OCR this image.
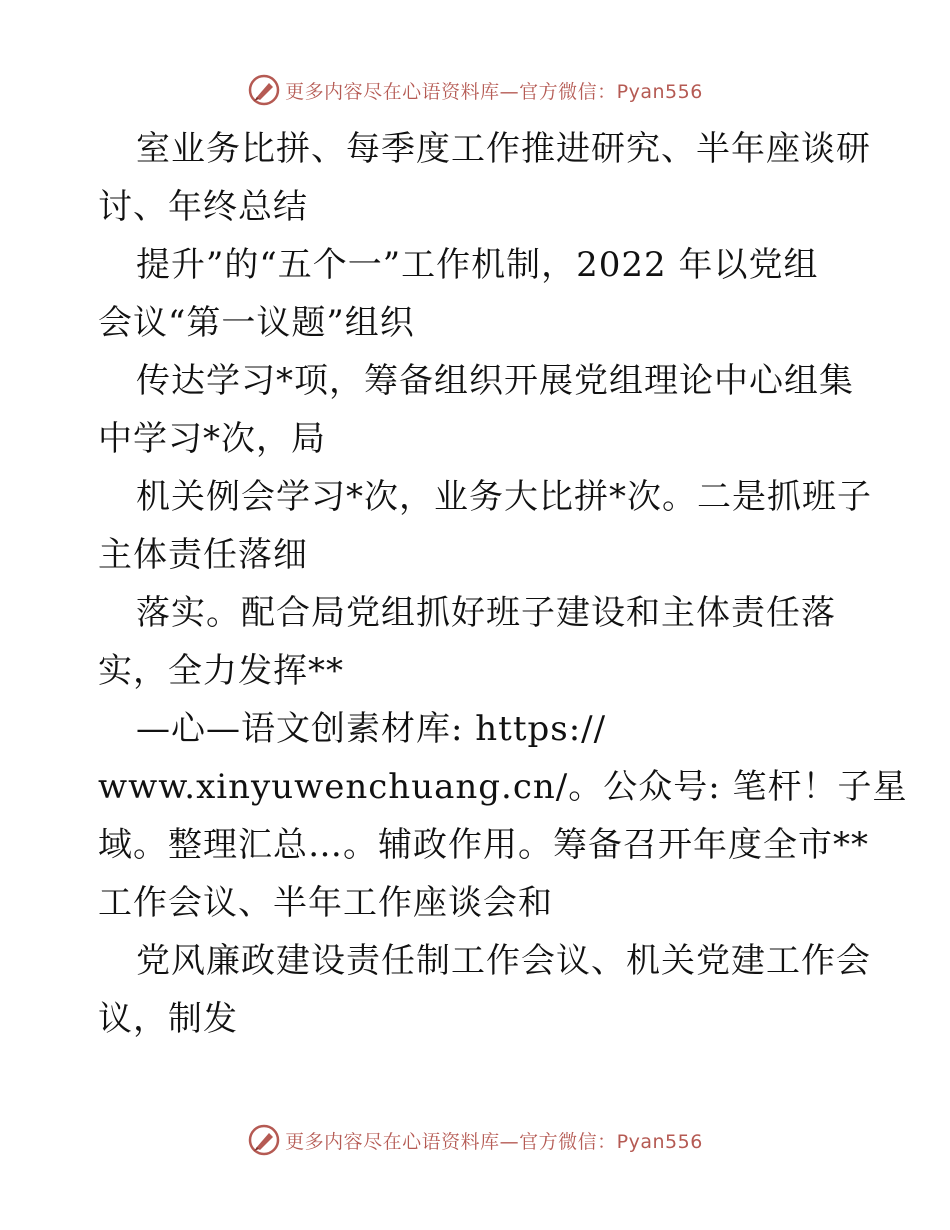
更多内容尽在心语资料库—官方微信：Pyan556
室业务比拼、每季度工作推进研究、半年座谈研
讨、年终总结
提升”的“五个一”工作机制，2022 年以党组
会议“第一议题”组织
传达学习*项，筹备组织开展党组理论中心组集
中学习*次，局
机关例会学习*次，业务大比拼*次。二是抓班子
主体责任落细
落实。配合局党组抓好班子建设和主体责任落
实，全力发挥**
—心—语文创素材库: https://
www.xinyuwenchuang.cn/。公众号: 笔杆！子星
域。整理汇总…。辅政作用。筹备召开年度全市**
工作会议、半年工作座谈会和
党风廉政建设责任制工作会议、机关党建工作会
议，制发
更多内容尽在心语资料库—官方微信：Pyan556
